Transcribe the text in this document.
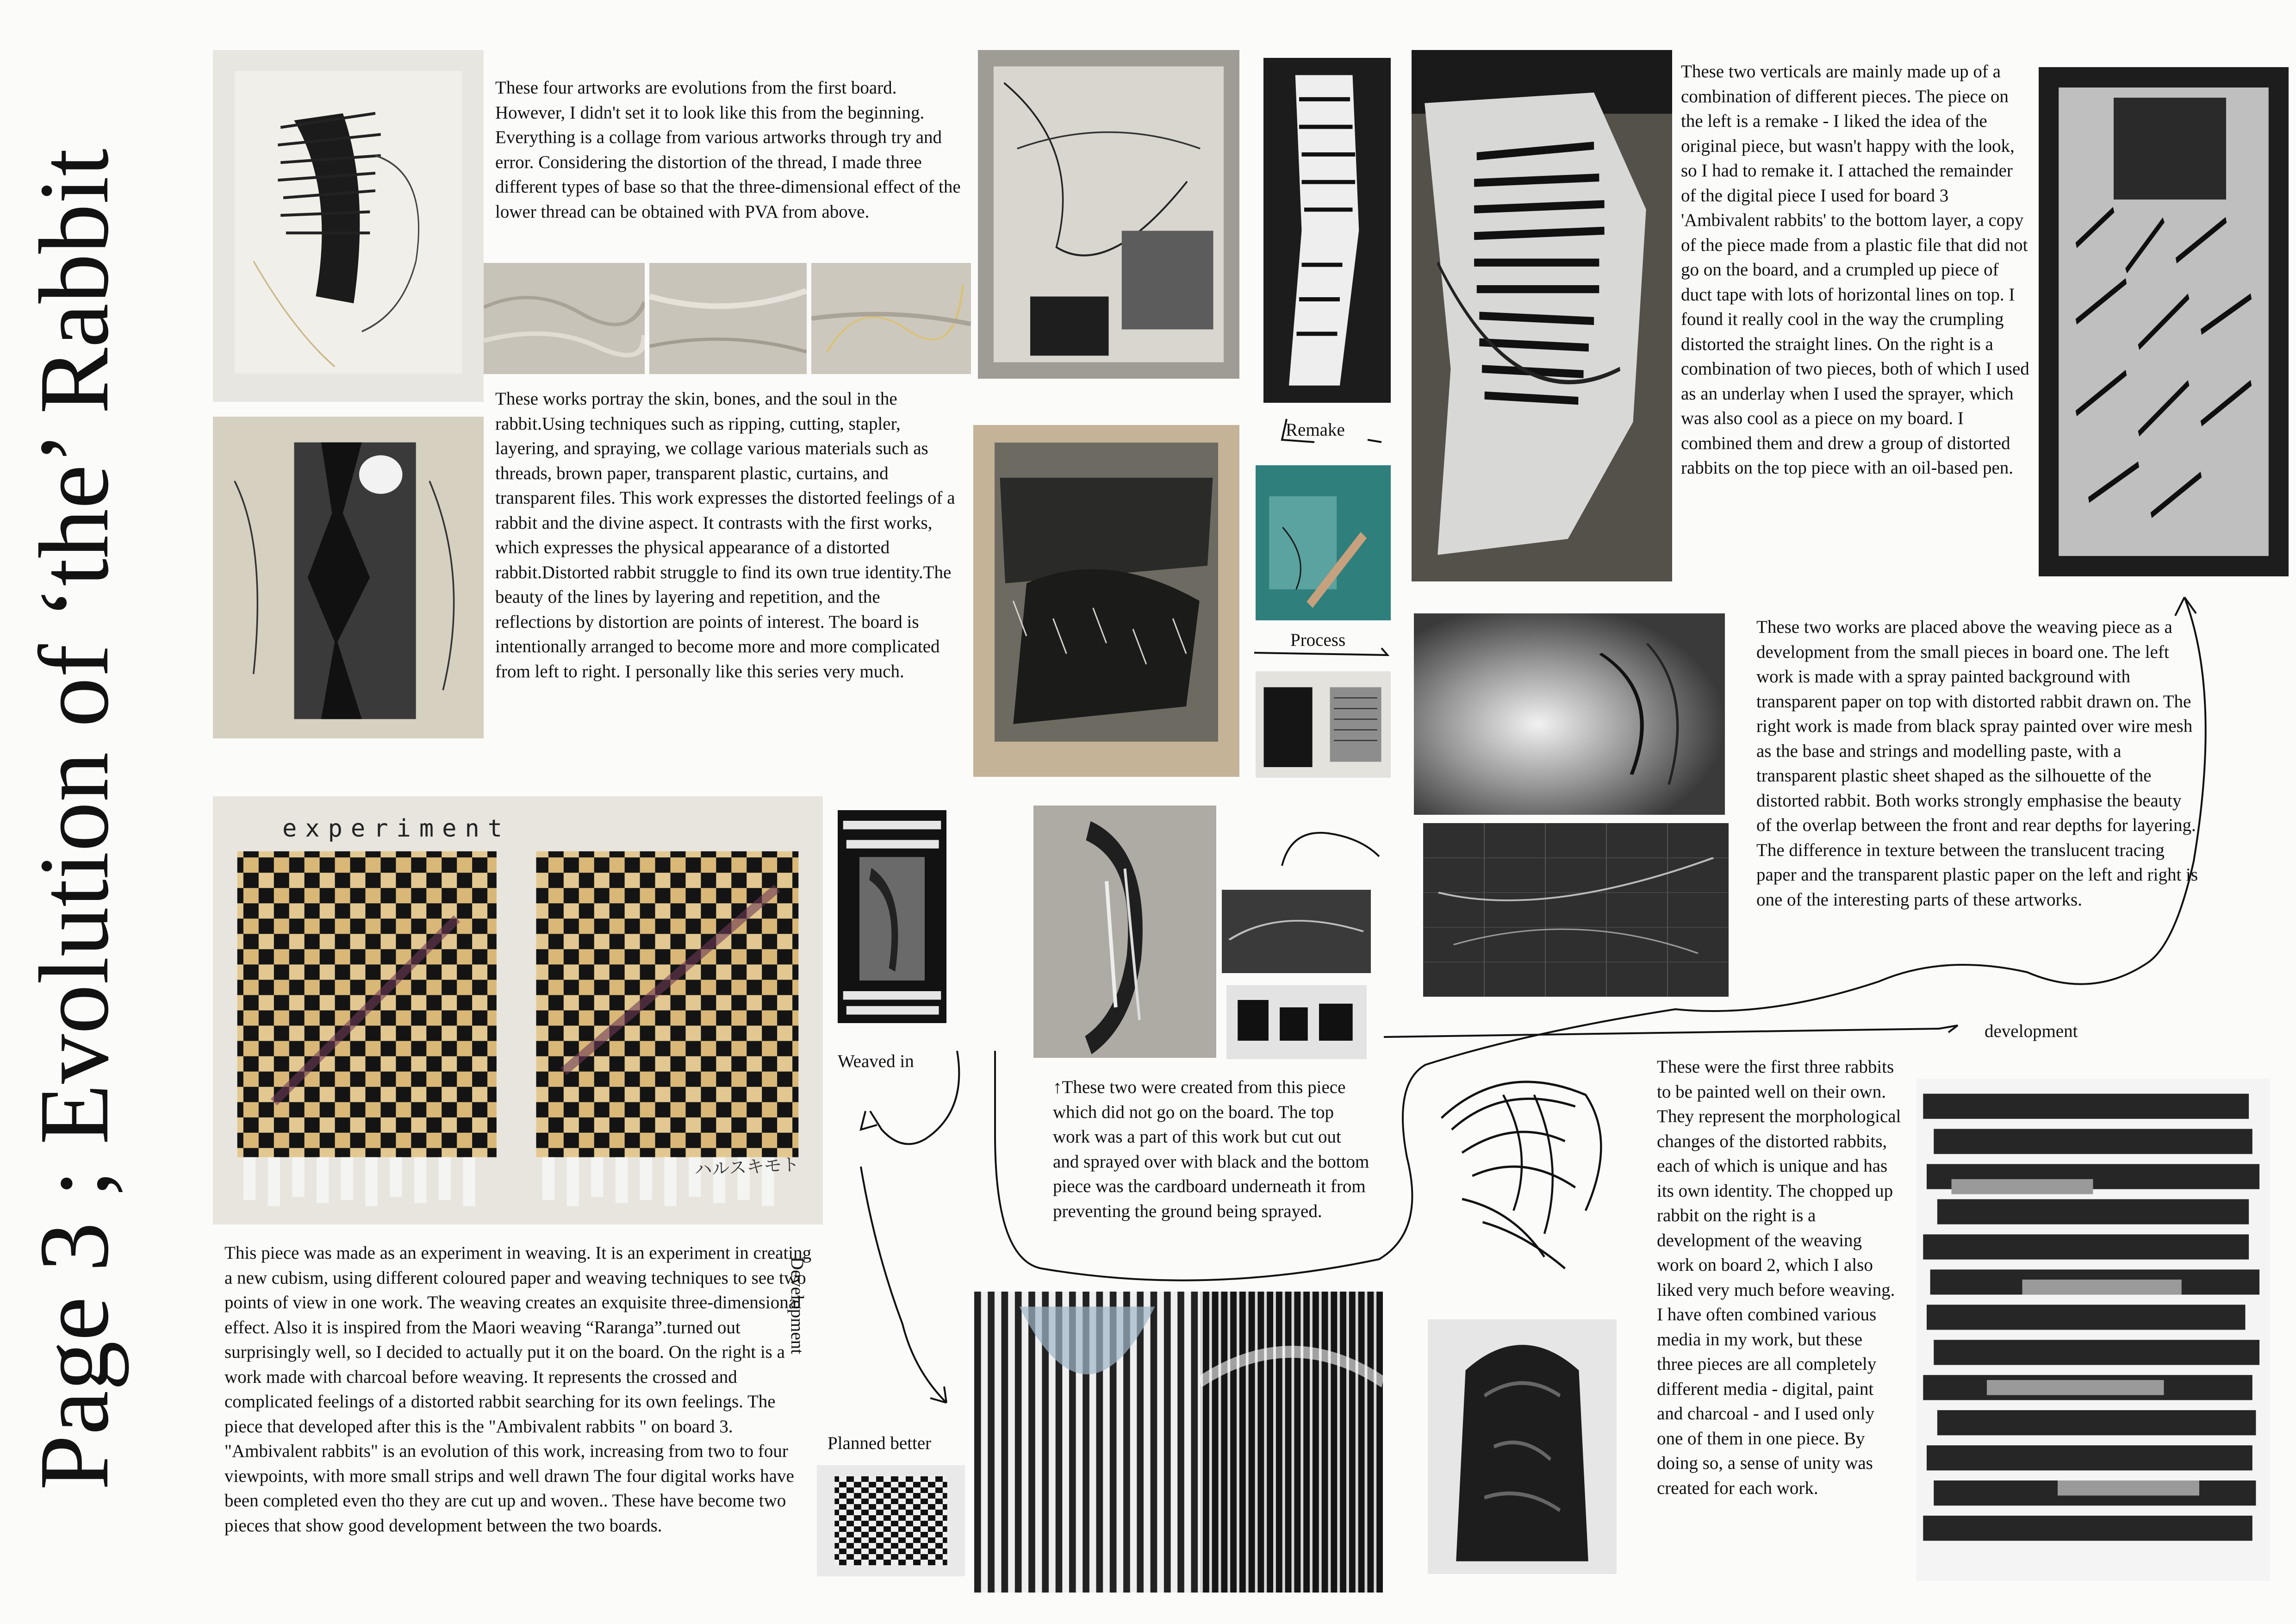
Page 3 ; Evolution of ‘the’ Rabbit	experiment
ハルスキモト
These four artworks are evolutions from the first board. However, I didn't set it to look like this from the beginning. Everything is a collage from various artworks through try and error. Considering the distortion of the thread, I made three different types of base so that the three-dimensional effect of the lower thread can be obtained with PVA from above.
These works portray the skin, bones, and the soul in the rabbit.Using techniques such as ripping, cutting, stapler, layering, and spraying, we collage various materials such as threads, brown paper, transparent plastic, curtains, and transparent files. This work expresses the distorted feelings of a rabbit and the divine aspect. It contrasts with the first works, which expresses the physical appearance of a distorted rabbit.Distorted rabbit struggle to find its own true identity.The beauty of the lines by layering and repetition, and the reflections by distortion are points of interest. The board is intentionally arranged to become more and more complicated from left to right. I personally like this series very much.
These two verticals are mainly made up of a combination of different pieces. The piece on the left is a remake - I liked the idea of the original piece, but wasn't happy with the look, so I had to remake it. I attached the remainder of the digital piece I used for board 3 'Ambivalent rabbits' to the bottom layer, a copy of the piece made from a plastic file that did not go on the board, and a crumpled up piece of duct tape with lots of horizontal lines on top. I found it really cool in the way the crumpling distorted the straight lines. On the right is a combination of two pieces, both of which I used as an underlay when I used the sprayer, which was also cool as a piece on my board. I combined them and drew a group of distorted rabbits on the top piece with an oil-based pen.
These two works are placed above the weaving piece as a development from the small pieces in board one. The left work is made with a spray painted background with transparent paper on top with distorted rabbit drawn on. The right work is made from black spray painted over wire mesh as the base and strings and modelling paste, with a transparent plastic sheet shaped as the silhouette of the distorted rabbit. Both works strongly emphasise the beauty of the overlap between the front and rear depths for layering. The difference in texture between the translucent tracing paper and the transparent plastic paper on the left and right is one of the interesting parts of these artworks.
↑These two were created from this piece which did not go on the board. The top work was a part of this work but cut out and sprayed over with black and the bottom piece was the cardboard underneath it from preventing the ground being sprayed.
This piece was made as an experiment in weaving. It is an experiment in creating a new cubism, using different coloured paper and weaving techniques to see two points of view in one work. The weaving creates an exquisite three-dimensional effect. Also it is inspired from the Maori weaving “Raranga”.turned out surprisingly well, so I decided to actually put it on the board. On the right is a work made with charcoal before weaving. It represents the crossed and complicated feelings of a distorted rabbit searching for its own feelings. The piece that developed after this is the "Ambivalent rabbits " on board 3. "Ambivalent rabbits" is an evolution of this work, increasing from two to four viewpoints, with more small strips and well drawn The four digital works have been completed even tho they are cut up and woven.. These have become two pieces that show good development between the two boards.
These were the first three rabbits to be painted well on their own. They represent the morphological changes of the distorted rabbits, each of which is unique and has its own identity. The chopped up rabbit on the right is a development of the weaving work on board 2, which I also liked very much before weaving. I have often combined various media in my work, but these three pieces are all completely different media - digital, paint and charcoal - and I used only one of them in one piece. By doing so, a sense of unity was created for each work.
Remake
Process
Weaved in
development
Planned better
Development
